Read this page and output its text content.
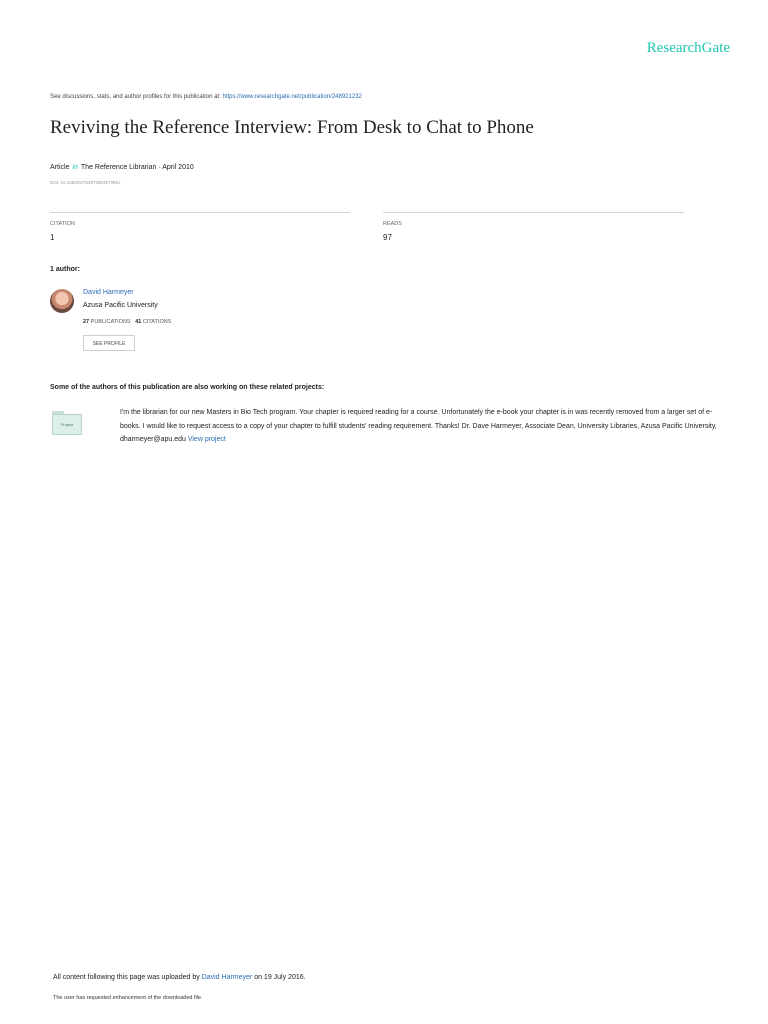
ResearchGate
See discussions, stats, and author profiles for this publication at: https://www.researchgate.net/publication/248921232
Reviving the Reference Interview: From Desk to Chat to Phone
Article in The Reference Librarian · April 2010
DOI: 10.1080/02763870903579851
CITATION
1
READS
97
1 author:
David Harmeyer
Azusa Pacific University
27 PUBLICATIONS 41 CITATIONS
SEE PROFILE
Some of the authors of this publication are also working on these related projects:
Project
I'm the librarian for our new Masters in Bio Tech program. Your chapter is required reading for a course. Unfortunately the e-book your chapter is in was recently removed from a larger set of e-books. I would like to request access to a copy of your chapter to fulfill students' reading requirement. Thanks! Dr. Dave Harmeyer, Associate Dean, University Libraries, Azusa Pacific University, dharmeyer@apu.edu View project
All content following this page was uploaded by David Harmeyer on 19 July 2016.
The user has requested enhancement of the downloaded file.
